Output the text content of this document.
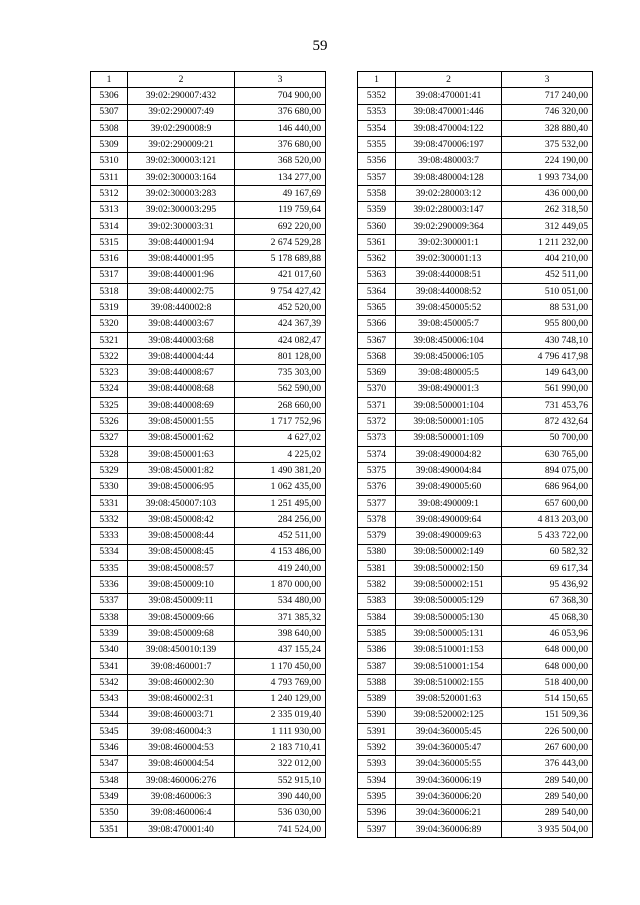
59
1	2	3
5306	39:02:290007:432	704 900,00
5307	39:02:290007:49	376 680,00
5308	39:02:290008:9	146 440,00
5309	39:02:290009:21	376 680,00
5310	39:02:300003:121	368 520,00
5311	39:02:300003:164	134 277,00
5312	39:02:300003:283	49 167,69
5313	39:02:300003:295	119 759,64
5314	39:02:300003:31	692 220,00
5315	39:08:440001:94	2 674 529,28
5316	39:08:440001:95	5 178 689,88
5317	39:08:440001:96	421 017,60
5318	39:08:440002:75	9 754 427,42
5319	39:08:440002:8	452 520,00
5320	39:08:440003:67	424 367,39
5321	39:08:440003:68	424 082,47
5322	39:08:440004:44	801 128,00
5323	39:08:440008:67	735 303,00
5324	39:08:440008:68	562 590,00
5325	39:08:440008:69	268 660,00
5326	39:08:450001:55	1 717 752,96
5327	39:08:450001:62	4 627,02
5328	39:08:450001:63	4 225,02
5329	39:08:450001:82	1 490 381,20
5330	39:08:450006:95	1 062 435,00
5331	39:08:450007:103	1 251 495,00
5332	39:08:450008:42	284 256,00
5333	39:08:450008:44	452 511,00
5334	39:08:450008:45	4 153 486,00
5335	39:08:450008:57	419 240,00
5336	39:08:450009:10	1 870 000,00
5337	39:08:450009:11	534 480,00
5338	39:08:450009:66	371 385,32
5339	39:08:450009:68	398 640,00
5340	39:08:450010:139	437 155,24
5341	39:08:460001:7	1 170 450,00
5342	39:08:460002:30	4 793 769,00
5343	39:08:460002:31	1 240 129,00
5344	39:08:460003:71	2 335 019,40
5345	39:08:460004:3	1 111 930,00
5346	39:08:460004:53	2 183 710,41
5347	39:08:460004:54	322 012,00
5348	39:08:460006:276	552 915,10
5349	39:08:460006:3	390 440,00
5350	39:08:460006:4	536 030,00
5351	39:08:470001:40	741 524,00
1	2	3
5352	39:08:470001:41	717 240,00
5353	39:08:470001:446	746 320,00
5354	39:08:470004:122	328 880,40
5355	39:08:470006:197	375 532,00
5356	39:08:480003:7	224 190,00
5357	39:08:480004:128	1 993 734,00
5358	39:02:280003:12	436 000,00
5359	39:02:280003:147	262 318,50
5360	39:02:290009:364	312 449,05
5361	39:02:300001:1	1 211 232,00
5362	39:02:300001:13	404 210,00
5363	39:08:440008:51	452 511,00
5364	39:08:440008:52	510 051,00
5365	39:08:450005:52	88 531,00
5366	39:08:450005:7	955 800,00
5367	39:08:450006:104	430 748,10
5368	39:08:450006:105	4 796 417,98
5369	39:08:480005:5	149 643,00
5370	39:08:490001:3	561 990,00
5371	39:08:500001:104	731 453,76
5372	39:08:500001:105	872 432,64
5373	39:08:500001:109	50 700,00
5374	39:08:490004:82	630 765,00
5375	39:08:490004:84	894 075,00
5376	39:08:490005:60	686 964,00
5377	39:08:490009:1	657 600,00
5378	39:08:490009:64	4 813 203,00
5379	39:08:490009:63	5 433 722,00
5380	39:08:500002:149	60 582,32
5381	39:08:500002:150	69 617,34
5382	39:08:500002:151	95 436,92
5383	39:08:500005:129	67 368,30
5384	39:08:500005:130	45 068,30
5385	39:08:500005:131	46 053,96
5386	39:08:510001:153	648 000,00
5387	39:08:510001:154	648 000,00
5388	39:08:510002:155	518 400,00
5389	39:08:520001:63	514 150,65
5390	39:08:520002:125	151 509,36
5391	39:04:360005:45	226 500,00
5392	39:04:360005:47	267 600,00
5393	39:04:360005:55	376 443,00
5394	39:04:360006:19	289 540,00
5395	39:04:360006:20	289 540,00
5396	39:04:360006:21	289 540,00
5397	39:04:360006:89	3 935 504,00
